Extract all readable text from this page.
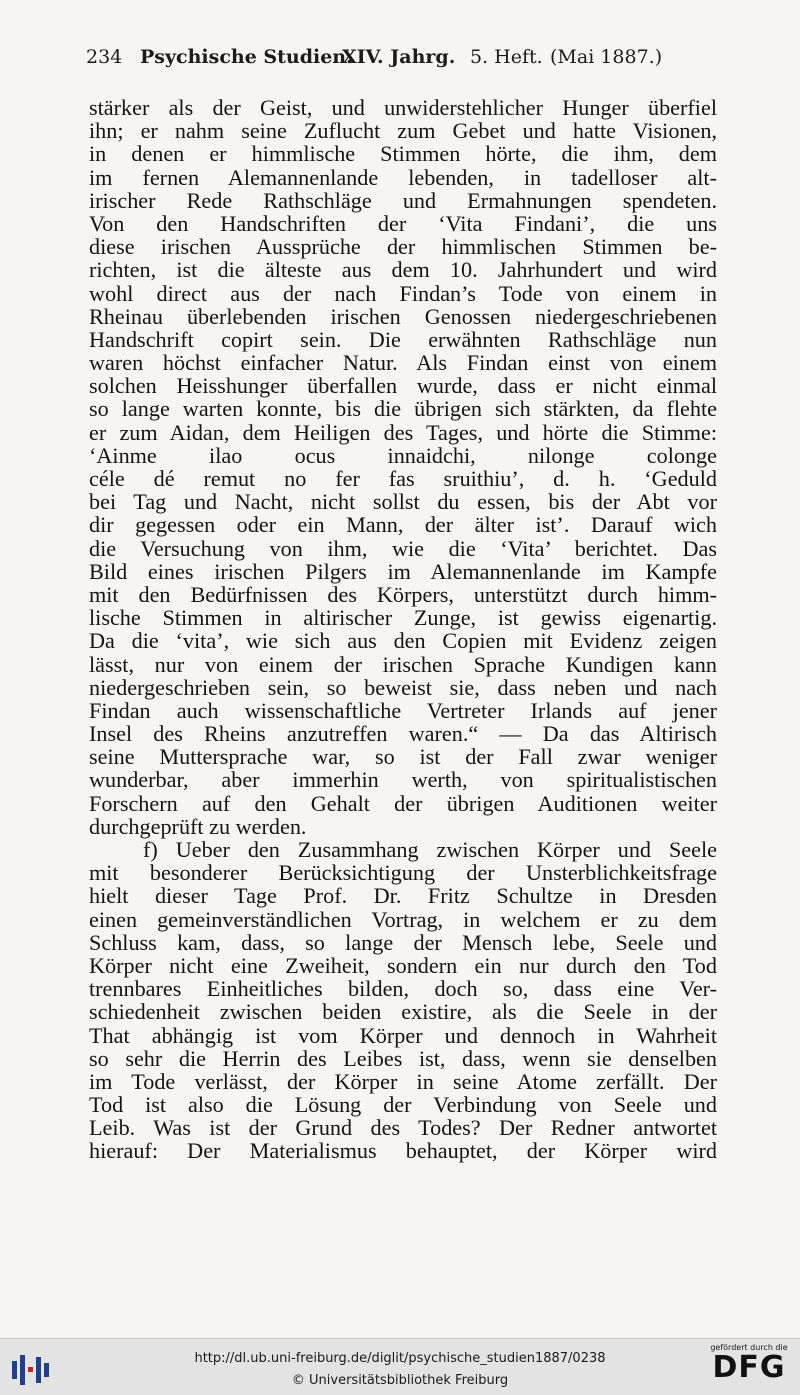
234 Psychische Studien.
XIV. Jahrg. 5. Heft. (Mai 1887.)
stärker als der Geist, und unwiderstehlicher Hunger überfiel
ihn; er nahm seine Zuflucht zum Gebet und hatte Visionen,
in denen er himmlische Stimmen hörte, die ihm, dem
im fernen Alemannenlande lebenden, in tadelloser alt-
irischer Rede Rathschläge und Ermahnungen spendeten.
Von den Handschriften der ‘Vita Findani’, die uns
diese irischen Aussprüche der himmlischen Stimmen be-
richten, ist die älteste aus dem 10. Jahrhundert und wird
wohl direct aus der nach Findan’s Tode von einem in
Rheinau überlebenden irischen Genossen niedergeschriebenen
Handschrift copirt sein. Die erwähnten Rathschläge nun
waren höchst einfacher Natur. Als Findan einst von einem
solchen Heisshunger überfallen wurde, dass er nicht einmal
so lange warten konnte, bis die übrigen sich stärkten, da flehte
er zum Aidan, dem Heiligen des Tages, und hörte die Stimme:
‘Ainme ilao ocus innaidchi, nilonge colonge
céle dé remut no fer fas sruithiu’, d. h. ‘Geduld
bei Tag und Nacht, nicht sollst du essen, bis der Abt vor
dir gegessen oder ein Mann, der älter ist’. Darauf wich
die Versuchung von ihm, wie die ‘Vita’ berichtet. Das
Bild eines irischen Pilgers im Alemannenlande im Kampfe
mit den Bedürfnissen des Körpers, unterstützt durch himm-
lische Stimmen in altirischer Zunge, ist gewiss eigenartig.
Da die ‘vita’, wie sich aus den Copien mit Evidenz zeigen
lässt, nur von einem der irischen Sprache Kundigen kann
niedergeschrieben sein, so beweist sie, dass neben und nach
Findan auch wissenschaftliche Vertreter Irlands auf jener
Insel des Rheins anzutreffen waren.“ — Da das Altirisch
seine Muttersprache war, so ist der Fall zwar weniger
wunderbar, aber immerhin werth, von spiritualistischen
Forschern auf den Gehalt der übrigen Auditionen weiter
durchgeprüft zu werden.
f) Ueber den Zusammhang zwischen Körper und Seele
mit besonderer Berücksichtigung der Unsterblichkeitsfrage
hielt dieser Tage Prof. Dr. Fritz Schultze in Dresden
einen gemeinverständlichen Vortrag, in welchem er zu dem
Schluss kam, dass, so lange der Mensch lebe, Seele und
Körper nicht eine Zweiheit, sondern ein nur durch den Tod
trennbares Einheitliches bilden, doch so, dass eine Ver-
schiedenheit zwischen beiden existire, als die Seele in der
That abhängig ist vom Körper und dennoch in Wahrheit
so sehr die Herrin des Leibes ist, dass, wenn sie denselben
im Tode verlässt, der Körper in seine Atome zerfällt. Der
Tod ist also die Lösung der Verbindung von Seele und
Leib. Was ist der Grund des Todes? Der Redner antwortet
hierauf: Der Materialismus behauptet, der Körper wird
http://dl.ub.uni-freiburg.de/diglit/psychische_studien1887/0238
© Universitätsbibliothek Freiburg
gefördert durch die
DFG
